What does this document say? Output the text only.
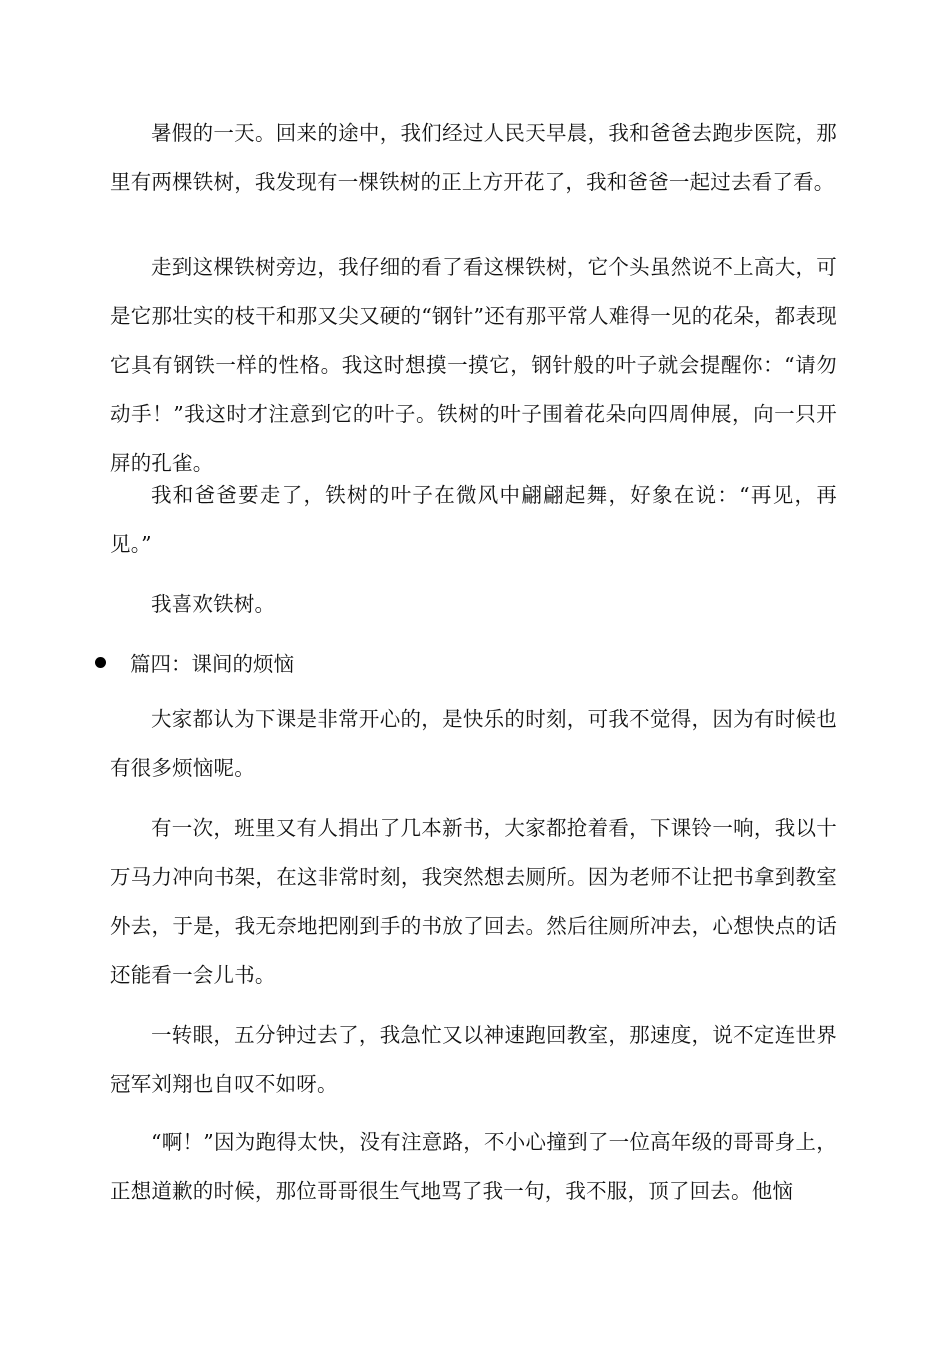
暑假的一天。回来的途中，我们经过人民天早晨，我和爸爸去跑步医院，那里有两棵铁树，我发现有一棵铁树的正上方开花了，我和爸爸一起过去看了看。

走到这棵铁树旁边，我仔细的看了看这棵铁树，它个头虽然说不上高大，可是它那壮实的枝干和那又尖又硬的“钢针”还有那平常人难得一见的花朵，都表现它具有钢铁一样的性格。我这时想摸一摸它，钢针般的叶子就会提醒你：“请勿动手！”我这时才注意到它的叶子。铁树的叶子围着花朵向四周伸展，向一只开屏的孔雀。

我和爸爸要走了，铁树的叶子在微风中翩翩起舞，好象在说：“再见，再见。”

我喜欢铁树。

篇四：课间的烦恼

大家都认为下课是非常开心的，是快乐的时刻，可我不觉得，因为有时候也有很多烦恼呢。

有一次，班里又有人捐出了几本新书，大家都抢着看，下课铃一响，我以十万马力冲向书架，在这非常时刻，我突然想去厕所。因为老师不让把书拿到教室外去，于是，我无奈地把刚到手的书放了回去。然后往厕所冲去，心想快点的话还能看一会儿书。

一转眼，五分钟过去了，我急忙又以神速跑回教室，那速度，说不定连世界冠军刘翔也自叹不如呀。

“啊！”因为跑得太快，没有注意路，不小心撞到了一位高年级的哥哥身上，正想道歉的时候，那位哥哥很生气地骂了我一句，我不服，顶了回去。他恼
